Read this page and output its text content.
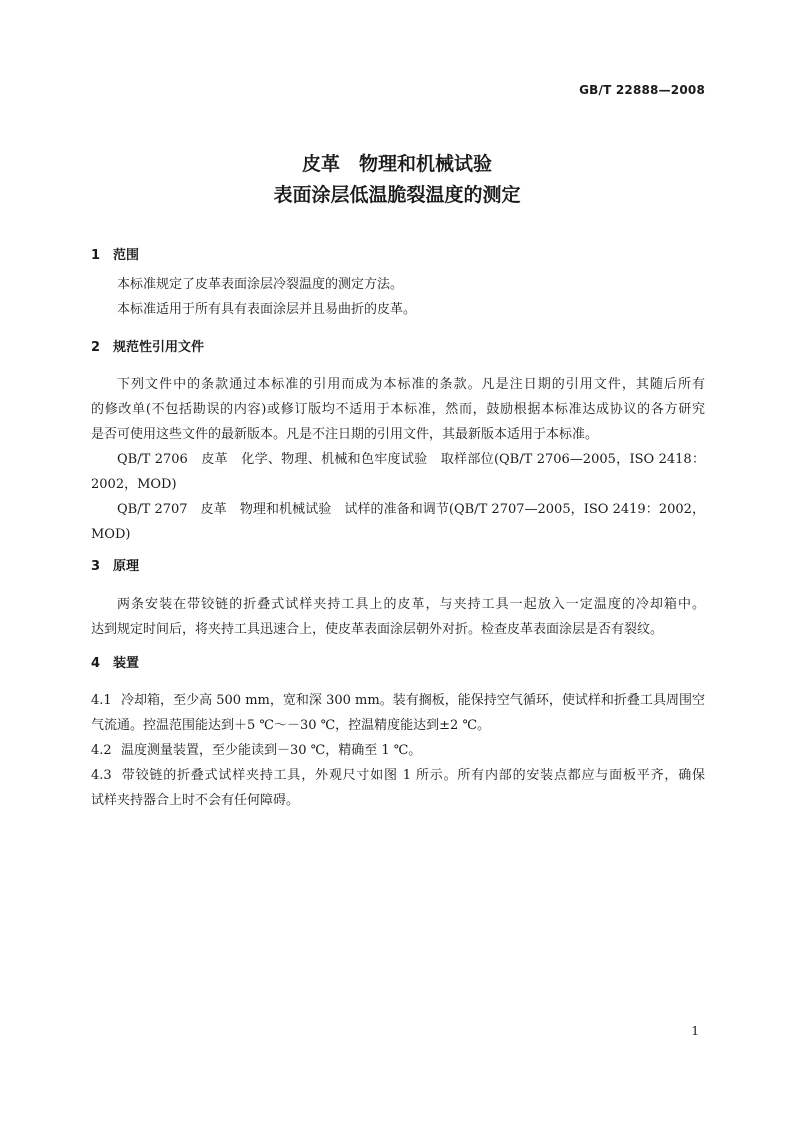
GB/T 22888—2008
皮革　物理和机械试验
表面涂层低温脆裂温度的测定
1 范围
本标准规定了皮革表面涂层冷裂温度的测定方法。
本标准适用于所有具有表面涂层并且易曲折的皮革。
2 规范性引用文件
下列文件中的条款通过本标准的引用而成为本标准的条款。凡是注日期的引用文件，其随后所有
的修改单(不包括勘误的内容)或修订版均不适用于本标准，然而，鼓励根据本标准达成协议的各方研究
是否可使用这些文件的最新版本。凡是不注日期的引用文件，其最新版本适用于本标准。
QB/T 2706　皮革　化学、物理、机械和色牢度试验　取样部位(QB/T 2706—2005，ISO 2418：
2002，MOD)
QB/T 2707　皮革　物理和机械试验　试样的准备和调节(QB/T 2707—2005，ISO 2419：2002，
MOD)
3 原理
两条安装在带铰链的折叠式试样夹持工具上的皮革，与夹持工具一起放入一定温度的冷却箱中。
达到规定时间后，将夹持工具迅速合上，使皮革表面涂层朝外对折。检查皮革表面涂层是否有裂纹。
4 装置
4.1 冷却箱，至少高 500 mm，宽和深 300 mm。装有搁板，能保持空气循环，使试样和折叠工具周围空
气流通。控温范围能达到＋5 ℃～－30 ℃，控温精度能达到±2 ℃。
4.2 温度测量装置，至少能读到－30 ℃，精确至 1 ℃。
4.3 带铰链的折叠式试样夹持工具，外观尺寸如图 1 所示。所有内部的安装点都应与面板平齐，确保
试样夹持器合上时不会有任何障碍。
1
